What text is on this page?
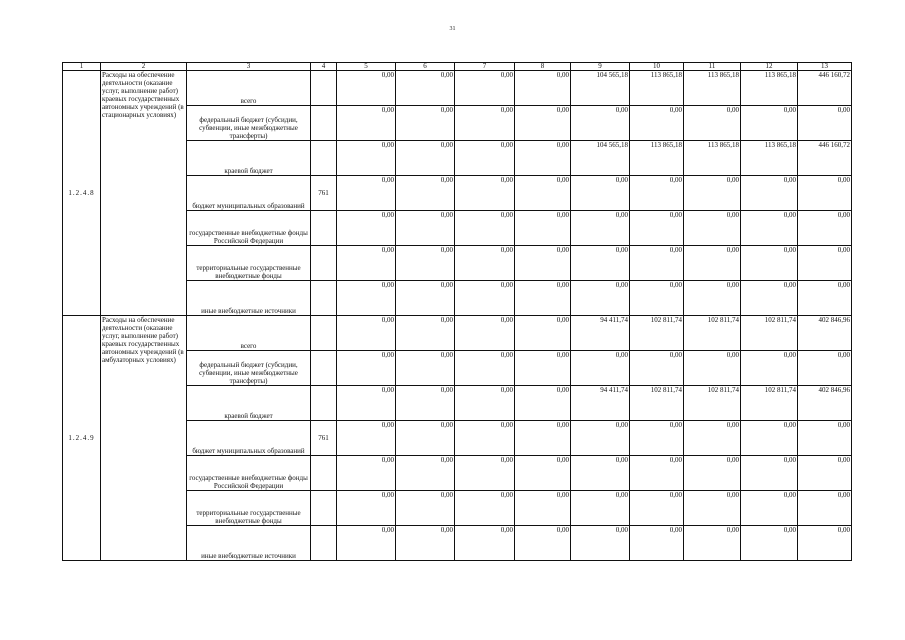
31
1	2	3	4	5	6	7	8	9	10	11	12	13
1.2.4.8	Расходы на обеспечение деятельности (оказание услуг, выполнение работ) краевых государственных автономных учреждений (в стационарных условиях)	всего		0,00	0,00	0,00	0,00	104 565,18	113 865,18	113 865,18	113 865,18	446 160,72
		федеральный бюджет (субсидии, субвенции, иные межбюджетные трансферты)		0,00	0,00	0,00	0,00	0,00	0,00	0,00	0,00	0,00
		краевой бюджет		0,00	0,00	0,00	0,00	104 565,18	113 865,18	113 865,18	113 865,18	446 160,72
		бюджет муниципальных образований	761	0,00	0,00	0,00	0,00	0,00	0,00	0,00	0,00	0,00
		государственные внебюджетные фонды Российской Федерации		0,00	0,00	0,00	0,00	0,00	0,00	0,00	0,00	0,00
		территориальные государственные внебюджетные фонды		0,00	0,00	0,00	0,00	0,00	0,00	0,00	0,00	0,00
		иные внебюджетные источники		0,00	0,00	0,00	0,00	0,00	0,00	0,00	0,00	0,00
1.2.4.9	Расходы на обеспечение деятельности (оказание услуг, выполнение работ) краевых государственных автономных учреждений (в амбулаторных условиях)	всего		0,00	0,00	0,00	0,00	94 411,74	102 811,74	102 811,74	102 811,74	402 846,96
		федеральный бюджет (субсидии, субвенции, иные межбюджетные трансферты)		0,00	0,00	0,00	0,00	0,00	0,00	0,00	0,00	0,00
		краевой бюджет		0,00	0,00	0,00	0,00	94 411,74	102 811,74	102 811,74	102 811,74	402 846,96
		бюджет муниципальных образований	761	0,00	0,00	0,00	0,00	0,00	0,00	0,00	0,00	0,00
		государственные внебюджетные фонды Российской Федерации		0,00	0,00	0,00	0,00	0,00	0,00	0,00	0,00	0,00
		территориальные государственные внебюджетные фонды		0,00	0,00	0,00	0,00	0,00	0,00	0,00	0,00	0,00
		иные внебюджетные источники		0,00	0,00	0,00	0,00	0,00	0,00	0,00	0,00	0,00
